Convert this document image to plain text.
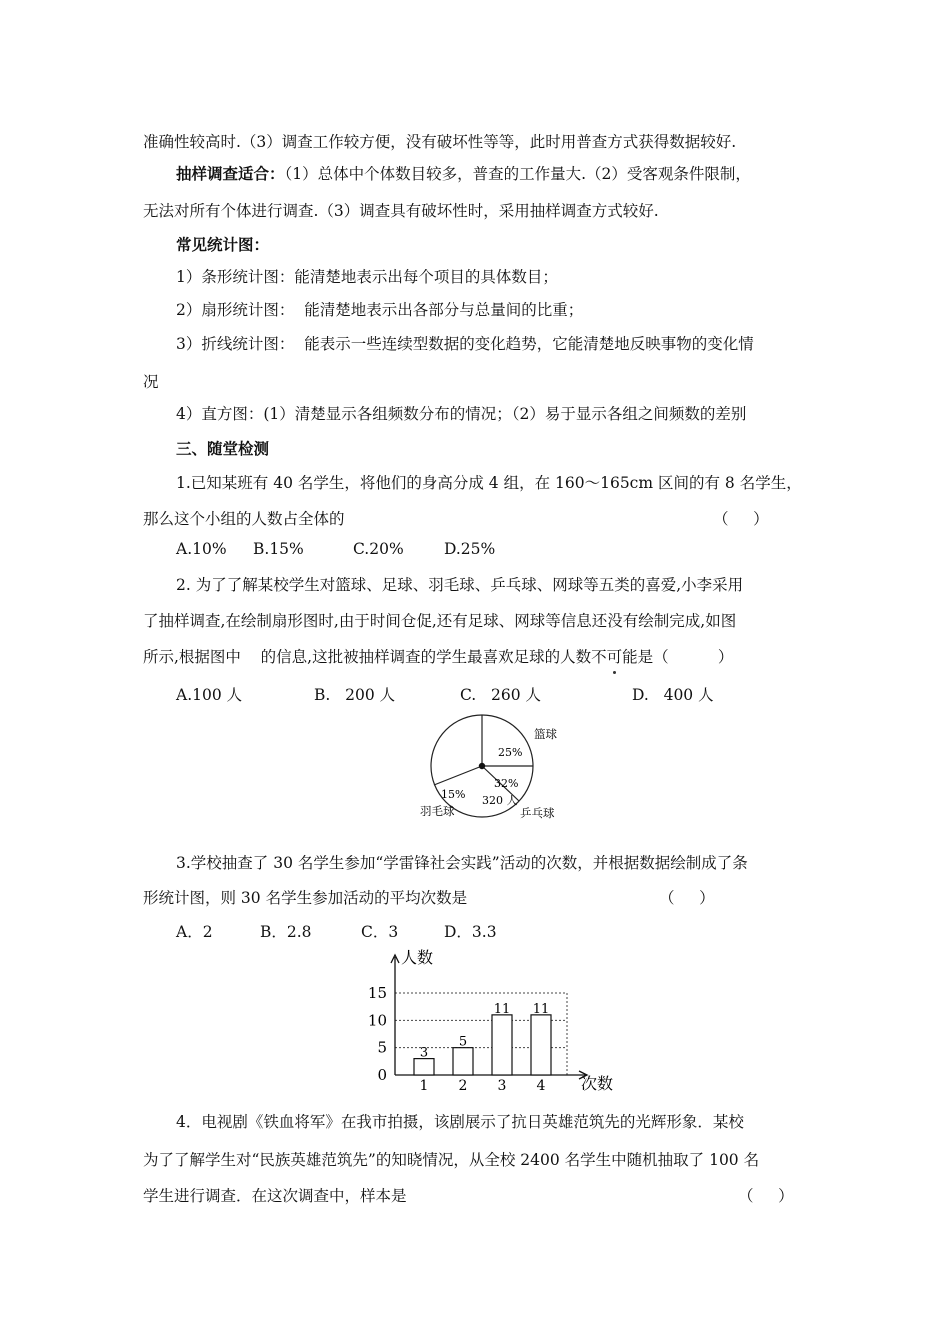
准确性较高时.（3）调查工作较方便，没有破坏性等等，此时用普查方式获得数据较好.
抽样调查适合：（1）总体中个体数目较多，普查的工作量大.（2）受客观条件限制，
无法对所有个体进行调查.（3）调查具有破坏性时，采用抽样调查方式较好.
常见统计图：
1）条形统计图：能清楚地表示出每个项目的具体数目；
2）扇形统计图：  能清楚地表示出各部分与总量间的比重；
3）折线统计图：  能表示一些连续型数据的变化趋势，它能清楚地反映事物的变化情
况
4）直方图：(1）清楚显示各组频数分布的情况；（2）易于显示各组之间频数的差别
三、随堂检测
1.已知某班有 40 名学生，将他们的身高分成 4 组，在 160～165cm 区间的有 8 名学生，
那么这个小组的人数占全体的	（     ）
A.10% B.15%	C.20%	D.25%
2. 为了了解某校学生对篮球、足球、羽毛球、乒乓球、网球等五类的喜爱,小李采用
了抽样调查,在绘制扇形图时,由于时间仓促,还有足球、网球等信息还没有绘制完成,如图
所示,根据图中    的信息,这批被抽样调查的学生最喜欢足球的人数不可能是（          ）
A.100 人	B.   200 人	C.   260 人	D.   400 人
25%
篮球
32%
320 人
乒乓球
15%
羽毛球
3.学校抽查了 30 名学生参加“学雷锋社会实践”活动的次数，并根据数据绘制成了条
形统计图，则 30 名学生参加活动的平均次数是	（     ）
A．2	B．2.8	C．3	D．3.3
0
5
10
15
人数
次数
3
1
5
2
11
3
11
4
4．电视剧《铁血将军》在我市拍摄，该剧展示了抗日英雄范筑先的光辉形象．某校
为了了解学生对“民族英雄范筑先”的知晓情况，从全校 2400 名学生中随机抽取了 100 名
学生进行调查．在这次调查中，样本是	（     ）
